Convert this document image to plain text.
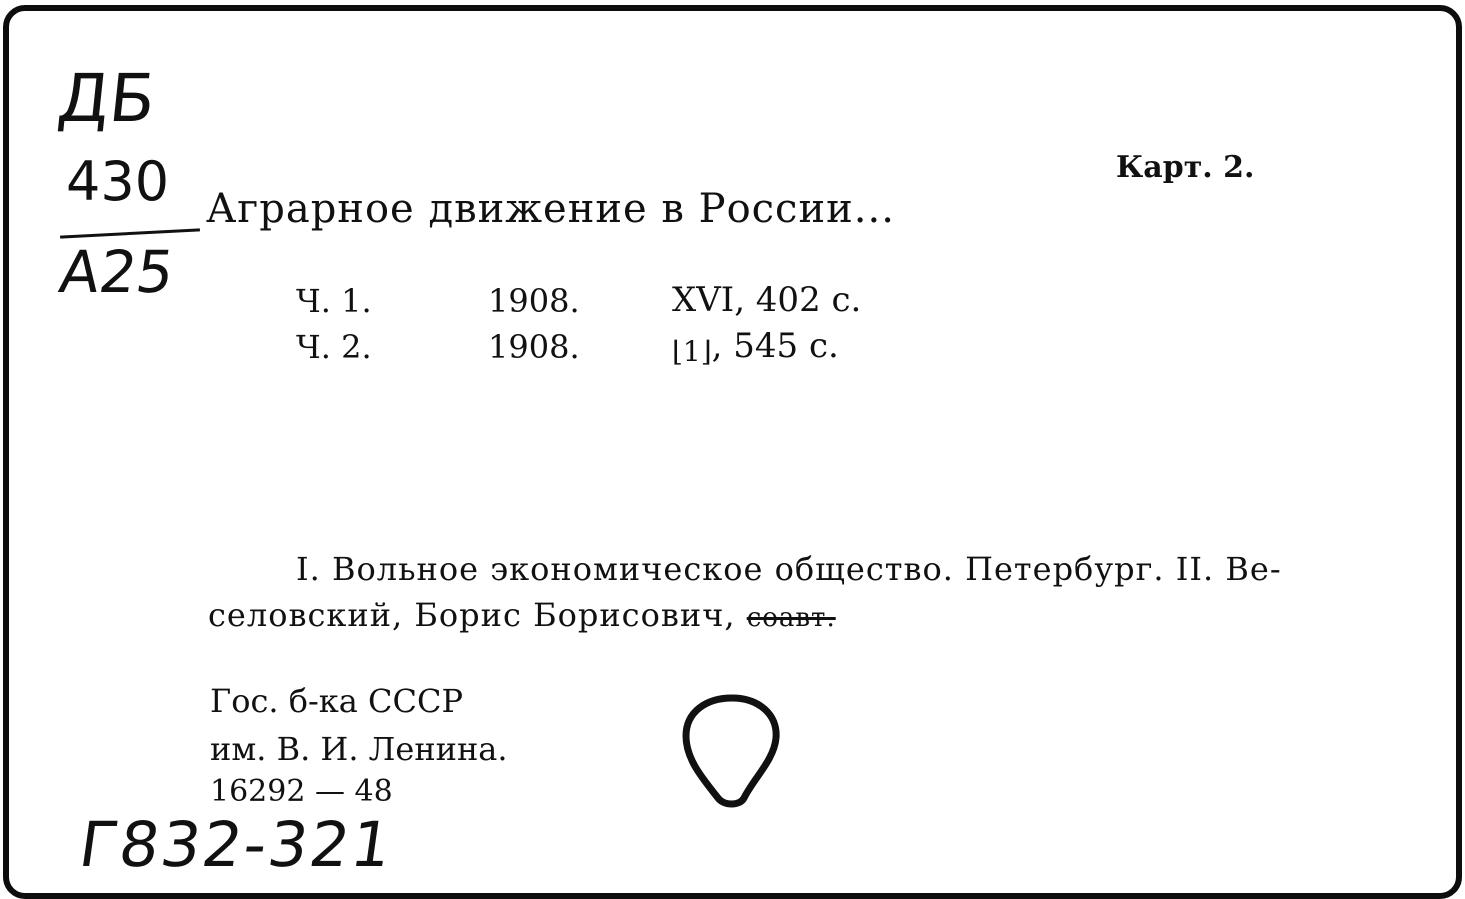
ДБ
430
А25
Карт. 2.
Аграрное движение в России...
Ч. 1.	1908.	XVI, 402 с.
Ч. 2.	1908.	⌊1⌋, 545 с.
I. Вольное экономическое общество. Петербург. II. Ве-
селовский, Борис Борисович, соавт.
Гос. б-ка СССР
им. В. И. Ленина.
16292 — 48
Г832-321
